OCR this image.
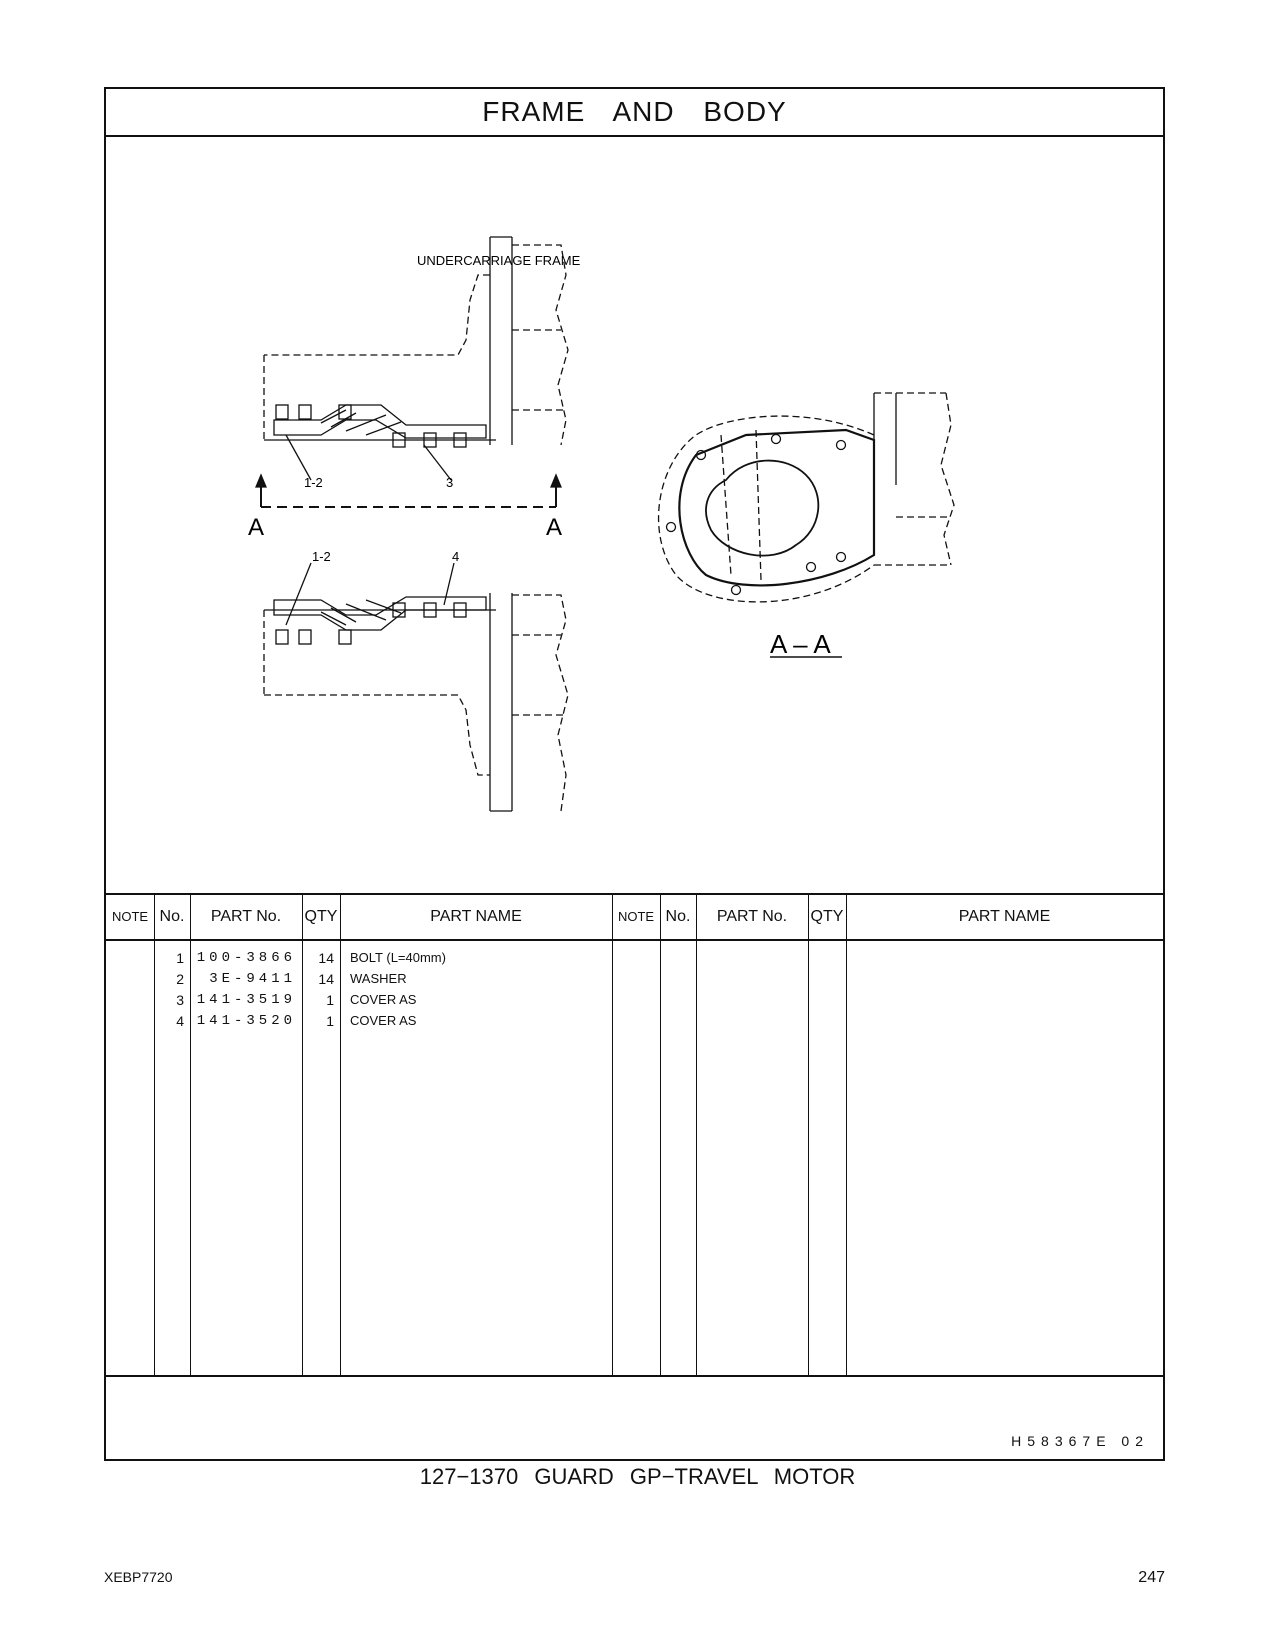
FRAME AND BODY
UNDERCARRIAGE FRAME
1-2	3
A	A
1-2	4
A – A
NOTE No.	PART No.	QTY	PART NAME	NOTE No.	PART No.	QTY	PART NAME
1 100-3866	14 BOLT (L=40mm)
2	3E-9411	14 WASHER
3 141-3519	1 COVER AS
4 141-3520	1 COVER AS
H58367E 02
127−1370 GUARD GP−TRAVEL MOTOR
XEBP7720	247
